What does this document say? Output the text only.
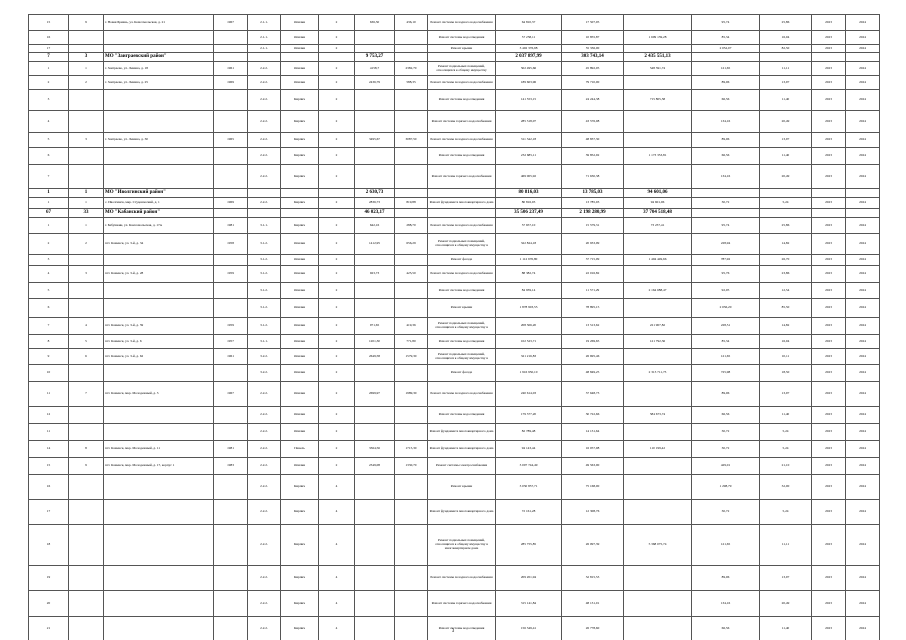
15	9	г. Новая Бриань, ул. Комсомольская, д. 21	1967	2.1.1.	Опилки	2	636,30	436,10	Ремонт системы холодного водоснабжения	64 810,37	17 507,05		95,74	25,86	2023	2024
16				2.1.1.	Опилки	2			Ремонт системы водоотведения	57 258,11	10 855,87	1 609 139,28	85,34	16,04	2023	2024
17				2.1.1.	Опилки	2			Ремонт крыши	3 402 376,98	55 336,00		2 052,07	82,50	2023	2024
7	3	МО "Заиграевский район"					9 753,27			2 037 897,99	303 743,14	2 435 551,13				
1	1	г. Заиграево, ул. Ленина, д. 18	1961	2.2.2.	Опилки	2	4158,7	2382,70	Ремонт подвальных помещений, относящихся к общему имуществу	502 495,66	45 892,05	548 391,74	121,65	11,11	2023	2024
2	2	г. Заиграево, ул. Ленина, д. 25	1969	2.2.2.	Опилки	2	2436,79	588,35	Ремонт системы холодного водоснабжения	189 603,96	79 710,00		89,06	13,97	2023	2024
3				2.2.2.	Кирпич	2			Ремонт системы водоотведения	141 553,15	24 244,38	715 805,58	66,56	11,40	2023	2024
4				2.2.2.	Кирпич	2			Ремонт системы горячего водоснабжения	285 318,07	43 576,08		134,16	20,49	2023	2024
5	3	г. Заиграево, ул. Ленина, д. 30	1965	2.2.2.	Кирпич	2	3495,67	3087,50	Ремонт системы холодного водоснабжения	311 342,18	48 837,30		89,06	13,97	2023	2024
6				2.2.2.	Кирпич	2			Ремонт системы водоотведения	232 685,11	39 852,92	1 173 353,81	66,56	11,40	2023	2024
7				2.2.2.	Кирпич	2			Ремонт системы горячего водоснабжения	469 005,92	71 630,38		134,16	20,49	2023	2024
1	1	МО "Иволгинский район"					2 630,73			80 816,03	13 785,03	94 601,06				
1	1	с. Иволгинск, мкр. Студенческий, д. 1	1969	2.2.2.	Кирпич	2	2836,73	819,88	Ремонт фундамента многоквартирного дома	80 816,03	13 785,03	94 601,06	30,72	5,24	2023	2024
67	33	МО "Кабанский район"					46 023,17			35 506 237,49	2 198 280,99	37 704 518,48				
1	1	г. Бабушкин, ул. Комсомольская, д. 17А	1981	3.1.1.	Кирпич	2	642,16	288,70	Ремонт системы холодного водоснабжения	57 657,10	15 579,31	73 237,41	95,74	25,86	2023	2024
2	2	пгт. Каменск, ул. 3-й, д. 34	1958	3.1.2.	Опилки	2	1412,95	656,29	Ремонт подвальных помещений, относящихся к общему имуществу в	322 824,18	20 933,99		228,94	14,82	2023	2024
3				3.1.2.	Опилки	2			Ремонт фасада	1 112 976,80	37 715,09	1 494 449,66	787,92	26,70	2023	2024
4	3	пгт. Каменск, ул. 3-й, д. 28	1959	3.1.2.	Опилки	2	923,73	425,50	Ремонт системы холодного водоснабжения	88 382,74	22 016,82		95,76	23,86	2023	2024
5				3.1.2.	Опилки	2			Ремонт системы водоотведения	84 939,14	11 571,29	2 164 688,47	92,05	12,54	2023	2024
6				3.1.2.	Опилки	2			Ремонт крыши	1 878 903,55	78 895,15		2 036,20	85,50	2023	2024
7	4	пгт. Каменск, ул. 3-й, д. 59	1959	3.1.2.	Опилки	2	971,65	419,36	Ремонт подвальных помещений, относящихся к общему имуществу в	208 306,20	13 513,62	221 907,82	228,51	14,82	2023	2024
8	5	пгт. Каменск, ул. 3-й, д. 6	1957	3.1.1.	Опилки	2	1201,30	771,80	Ремонт системы водоотведения	102 523,71	19 269,65	121 792,36	85,34	16,04	2023	2024
9	6	пгт. Каменск, ул. 3-й, д. 62	1961	3.2.2.	Опилки	2	2649,58	1579,30	Ремонт подвальных помещений, относящихся к общему имуществу в	321 216,83	26 695,46		121,65	10,11	2023	2024
10				3.2.2.	Опилки	2			Ремонт фасада	1 916 950,10	48 849,25	2 313 711,73	725,98	18,50	2023	2024
11	7	пгт. Каменск, мкр. Молодежный, д. 3	1967	2.2.2.	Опилки	2	2699,97	1989,30	Ремонт системы холодного водоснабжения	240 614,03	37 648,73		89,06	13,97	2023	2024
12				2.2.2.	Опилки	2			Ремонт системы водоотведения	179 377,20	30 722,66	584 673,74	66,56	11,40	2023	2024
11				2.2.2.	Опилки	2			Ремонт фундамента многоквартирного дома	82 789,48	14 131,64		30,72	5,24	2023	2024
14	8	пгт. Каменск, мкр. Молодежный, д. 11	1981	2.2.2.	Панель	2	3364,56	1715,30	Ремонт фундамента многоквартирного дома	94 143,44	16 057,98	110 199,42	30,72	5,24	2023	2024
15	9	пгт. Каменск, мкр. Молодежный, д. 17, корпус 1	1983	2.2.2.	Опилки	2	2349,08	1330,70	Ремонт системы электроснабжения	3 007 744,49	49 563,90		429,01	21,10	2023	2024
16				2.2.2.	Кирпич	4			Ремонт крыши	3 050 857,71	75 168,00		1 298,79	32,00	2023	2024
17				2.2.2.	Кирпич	4			Ремонт фундамента многоквартирного дома	72 161,28	12 308,76		30,72	5,24	2023	2024
18				2.2.2.	Кирпич	4			Ремонт подвальных помещений, относящихся к общему имуществу в многоквартирном доме	285 755,85	26 097,39	5 368 075,74	121,65	11,11	2023	2024
19				2.2.2.	Кирпич	4			Ремонт системы холодного водоснабжения	209 201,94	32 815,53		89,06	13,97	2023	2024
20				2.2.2.	Кирпич	4			Ремонт системы горячего водоснабжения	315 141,84	48 131,01		134,16	20,49	2023	2024
21				2.2.2.	Кирпич	4			Ремонт системы водоотведения	156 349,41	26 778,60		66,56	11,40	2023	2024
3
